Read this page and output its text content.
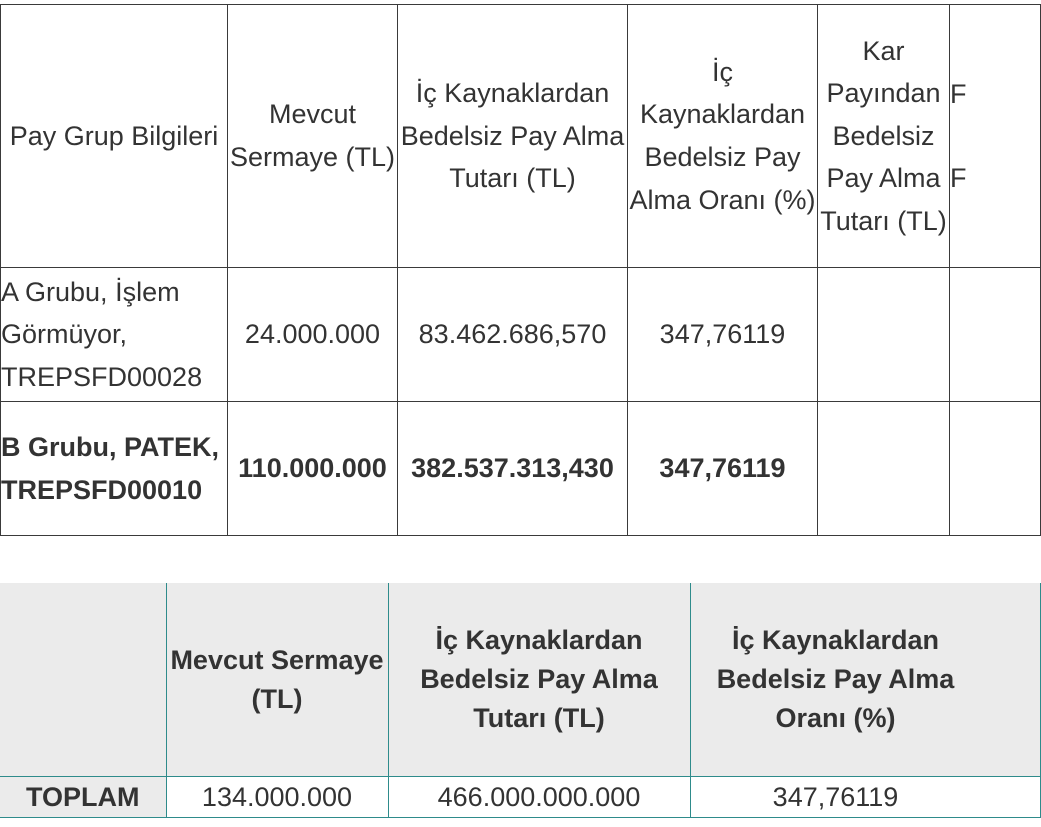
Pay Grup Bilgileri	Mevcut Sermaye (TL)	İç Kaynaklardan Bedelsiz Pay Alma Tutarı (TL)	İç Kaynaklardan Bedelsiz Pay Alma Oranı (%)	Kar Payından Bedelsiz Pay Alma Tutarı (TL)	F F

A Grubu, İşlem Görmüyor, TREPSFD00028	24.000.000	83.462.686,570	347,76119		
B Grubu, PATEK, TREPSFD00010	110.000.000	382.537.313,430	347,76119		
	Mevcut Sermaye (TL)	İç Kaynaklardan Bedelsiz Pay Alma Tutarı (TL)	İç Kaynaklardan Bedelsiz Pay Alma Oranı (%)

TOPLAM	134.000.000	466.000.000.000	347,76119
